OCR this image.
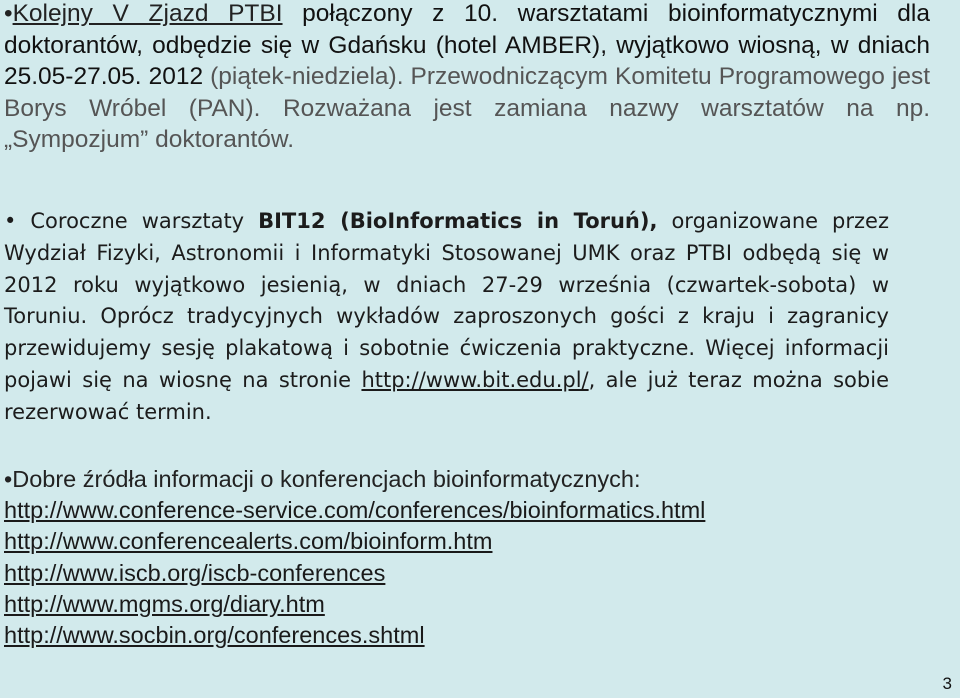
•Kolejny V Zjazd PTBI połączony z 10. warsztatami bioinformatycznymi dla doktorantów, odbędzie się w Gdańsku (hotel AMBER), wyjątkowo wiosną, w dniach 25.05-27.05. 2012 (piątek-niedziela). Przewodniczącym Komitetu Programowego jest Borys Wróbel (PAN). Rozważana jest zamiana nazwy warsztatów na np. „Sympozjum” doktorantów.

• Coroczne warsztaty BIT12 (BioInformatics in Toruń), organizowane przez Wydział Fizyki, Astronomii i Informatyki Stosowanej UMK oraz PTBI odbędą się w 2012 roku wyjątkowo jesienią, w dniach 27-29 września (czwartek-sobota) w Toruniu. Oprócz tradycyjnych wykładów zaproszonych gości z kraju i zagranicy przewidujemy sesję plakatową i sobotnie ćwiczenia praktyczne. Więcej informacji pojawi się na wiosnę na stronie http://www.bit.edu.pl/, ale już teraz można sobie rezerwować termin.

•Dobre źródła informacji o konferencjach bioinformatycznych:
http://www.conference-service.com/conferences/bioinformatics.html
http://www.conferencealerts.com/bioinform.htm
http://www.iscb.org/iscb-conferences
http://www.mgms.org/diary.htm
http://www.socbin.org/conferences.shtml
3
